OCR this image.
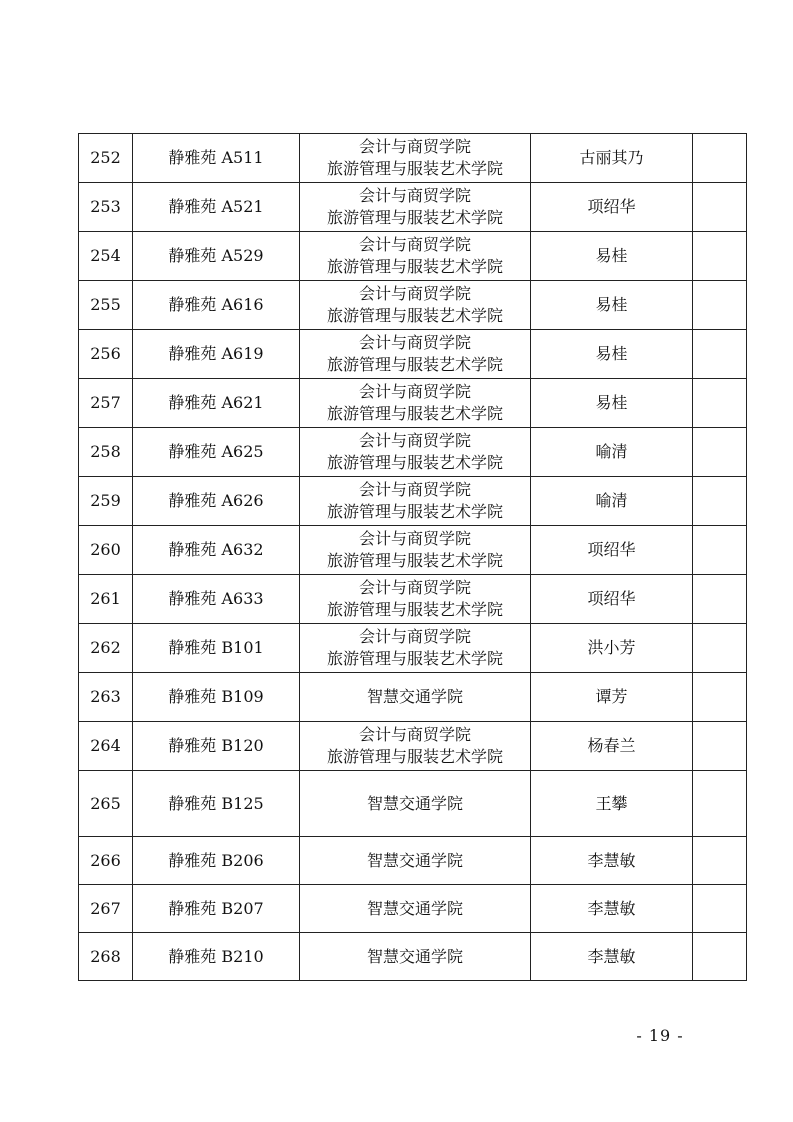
252	静雅苑 A511	会计与商贸学院
旅游管理与服装艺术学院	古丽其乃	
253	静雅苑 A521	会计与商贸学院
旅游管理与服装艺术学院	项绍华	
254	静雅苑 A529	会计与商贸学院
旅游管理与服装艺术学院	易桂	
255	静雅苑 A616	会计与商贸学院
旅游管理与服装艺术学院	易桂	
256	静雅苑 A619	会计与商贸学院
旅游管理与服装艺术学院	易桂	
257	静雅苑 A621	会计与商贸学院
旅游管理与服装艺术学院	易桂	
258	静雅苑 A625	会计与商贸学院
旅游管理与服装艺术学院	喻清	
259	静雅苑 A626	会计与商贸学院
旅游管理与服装艺术学院	喻清	
260	静雅苑 A632	会计与商贸学院
旅游管理与服装艺术学院	项绍华	
261	静雅苑 A633	会计与商贸学院
旅游管理与服装艺术学院	项绍华	
262	静雅苑 B101	会计与商贸学院
旅游管理与服装艺术学院	洪小芳	
263	静雅苑 B109	智慧交通学院	谭芳	
264	静雅苑 B120	会计与商贸学院
旅游管理与服装艺术学院	杨春兰	
265	静雅苑 B125	智慧交通学院	王攀	
266	静雅苑 B206	智慧交通学院	李慧敏	
267	静雅苑 B207	智慧交通学院	李慧敏	
268	静雅苑 B210	智慧交通学院	李慧敏	
- 19 -
